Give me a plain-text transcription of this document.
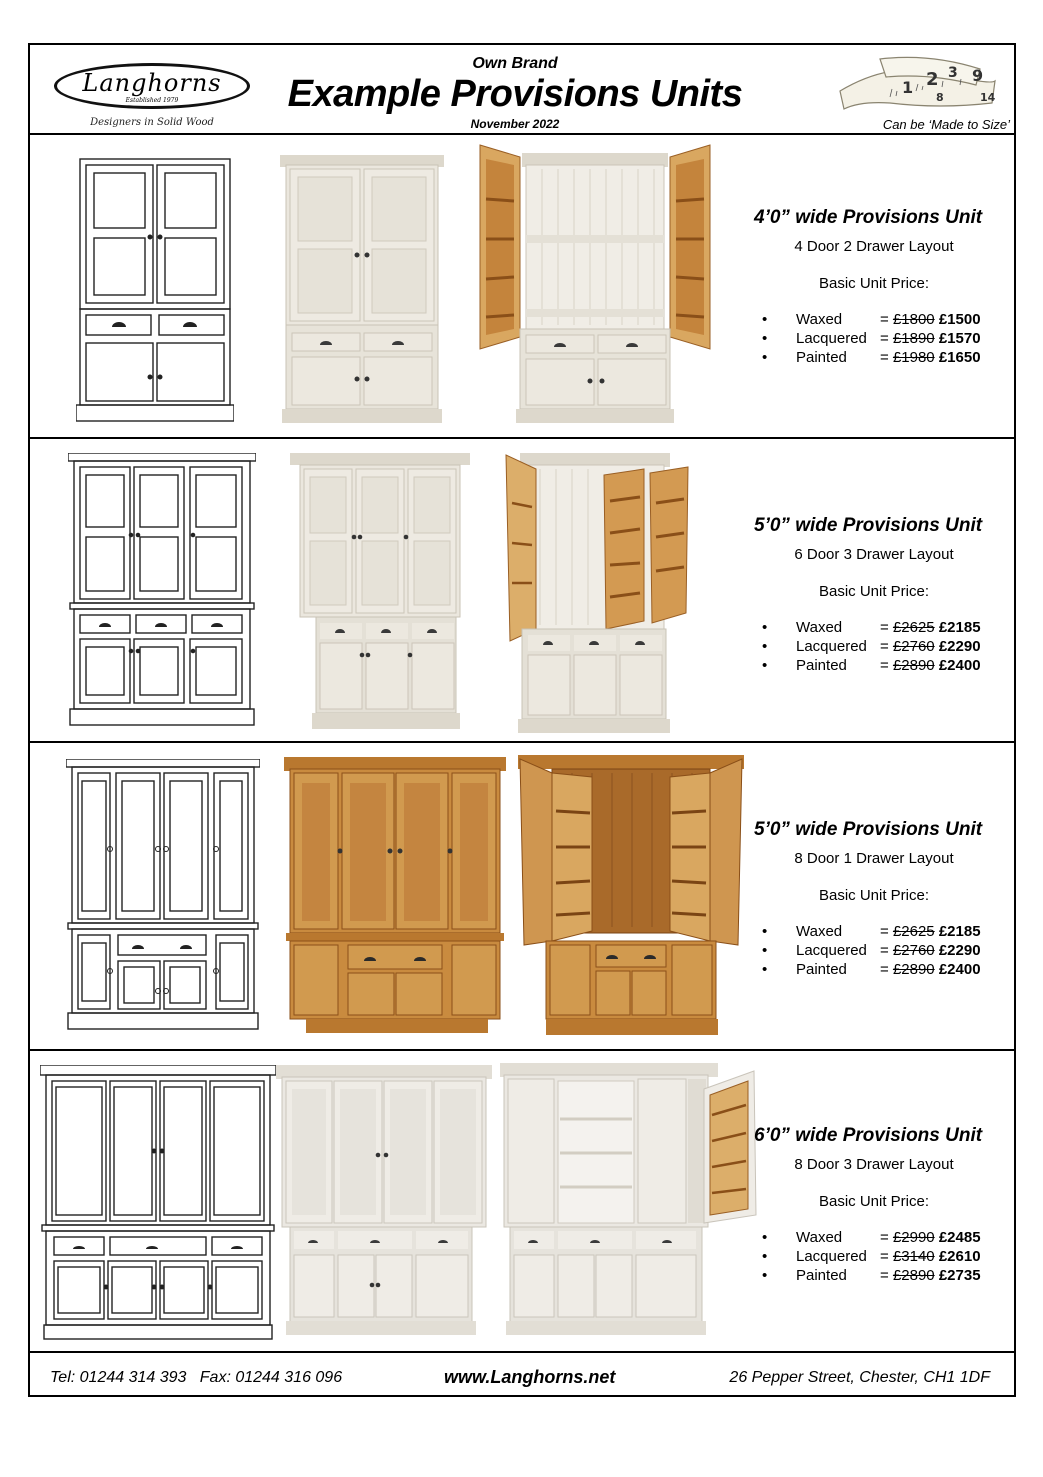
Langhorns
Established 1979
Designers in Solid Wood
Own Brand
Example Provisions Units
November 2022
1 2 3 9
14
8
Can be ‘Made to Size’
4’0” wide Provisions Unit
4 Door 2 Drawer Layout
Basic Unit Price:
• Waxed	= £1800 £1500
• Lacquered = £1890 £1570
• Painted = £1980 £1650
5’0” wide Provisions Unit
6 Door 3 Drawer Layout
Basic Unit Price:
• Waxed	= £2625 £2185
• Lacquered = £2760 £2290
• Painted = £2890 £2400
5’0” wide Provisions Unit
8 Door 1 Drawer Layout
Basic Unit Price:
• Waxed	= £2625 £2185
• Lacquered = £2760 £2290
• Painted = £2890 £2400
6’0” wide Provisions Unit
8 Door 3 Drawer Layout
Basic Unit Price:
• Waxed	= £2990 £2485
• Lacquered = £3140 £2610
• Painted = £2890 £2735
Tel: 01244 314 393 Fax: 01244 316 096	www.Langhorns.net	26 Pepper Street, Chester, CH1 1DF
